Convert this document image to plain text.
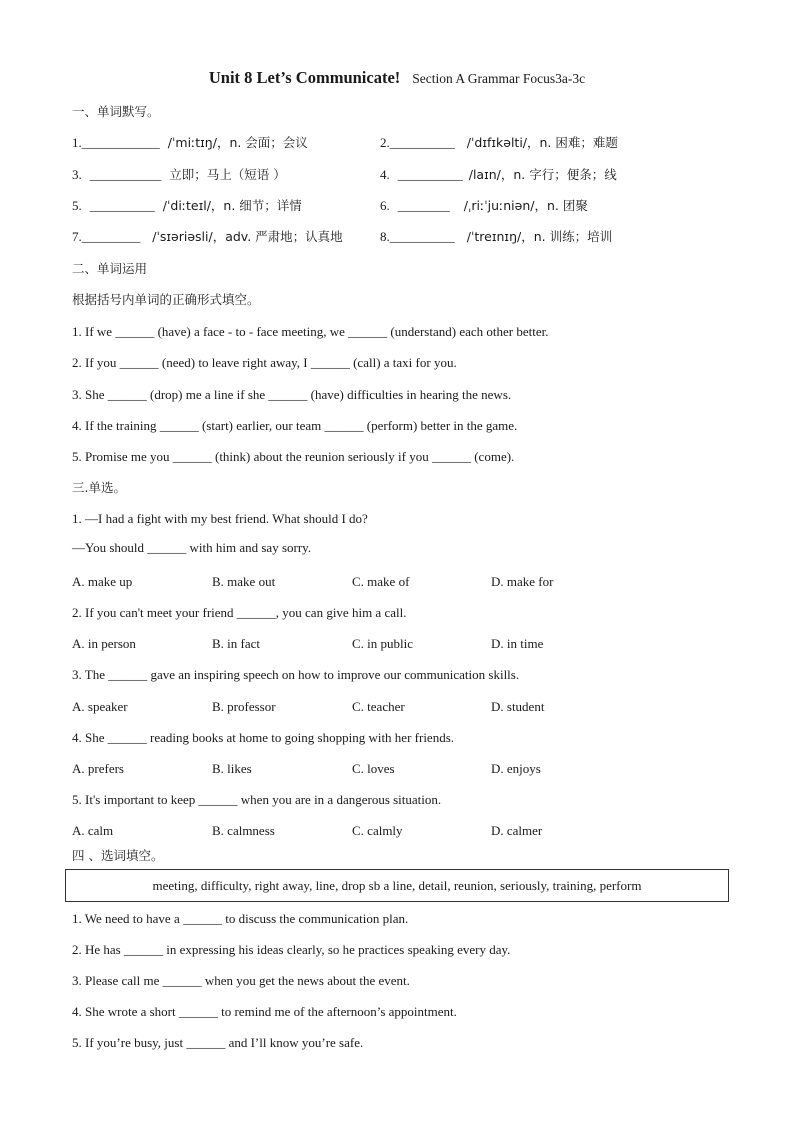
Unit 8 Let’s Communicate! Section A Grammar Focus3a-3c
一、单词默写。
1.____________ /ˈmiːtɪŋ/，n. 会面；会议	2.__________ /ˈdɪfɪkəlti/，n. 困难；难题
3. ___________ 立即；马上（短语 ）	4. __________ /laɪn/，n. 字行；便条；线
5. __________ /ˈdiːteɪl/，n. 细节；详情	6. ________ /ˌriːˈjuːniən/，n. 团聚
7._________ /ˈsɪəriəsli/，adv. 严肃地；认真地	8.__________ /ˈtreɪnɪŋ/，n. 训练；培训
二、单词运用
根据括号内单词的正确形式填空。
1. If we ______ (have) a face - to - face meeting, we ______ (understand) each other better.
2. If you ______ (need) to leave right away, I ______ (call) a taxi for you.
3. She ______ (drop) me a line if she ______ (have) difficulties in hearing the news.
4. If the training ______ (start) earlier, our team ______ (perform) better in the game.
5. Promise me you ______ (think) about the reunion seriously if you ______ (come).
三.单选。
1. —I had a fight with my best friend. What should I do?
—You should ______ with him and say sorry.
A. make up	B. make out	C. make of	D. make for
2. If you can't meet your friend ______, you can give him a call.
A. in person	B. in fact	C. in public	D. in time
3. The ______ gave an inspiring speech on how to improve our communication skills.
A. speaker	B. professor	C. teacher	D. student
4. She ______ reading books at home to going shopping with her friends.
A. prefers	B. likes	C. loves	D. enjoys
5. It's important to keep ______ when you are in a dangerous situation.
A. calm	B. calmness	C. calmly	D. calmer
四 、选词填空。
meeting, difficulty, right away, line, drop sb a line, detail, reunion, seriously, training, perform
1. We need to have a ______ to discuss the communication plan.
2. He has ______ in expressing his ideas clearly, so he practices speaking every day.
3. Please call me ______ when you get the news about the event.
4. She wrote a short ______ to remind me of the afternoon’s appointment.
5. If you’re busy, just ______ and I’ll know you’re safe.
